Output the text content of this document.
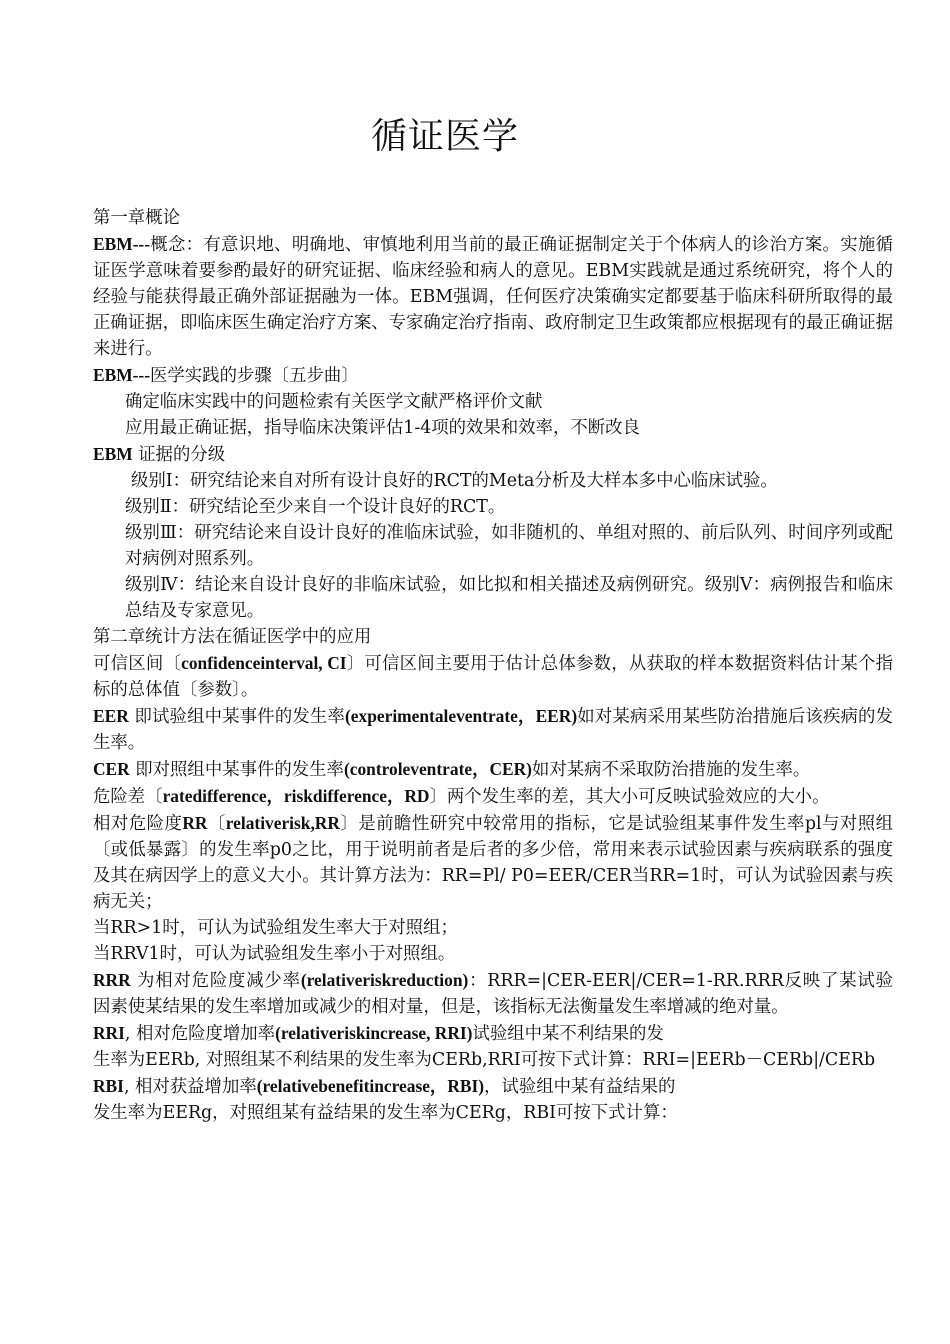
循证医学

第一章概论

EBM---概念：有意识地、明确地、审慎地利用当前的最正确证据制定关于个体病人的诊治方案。实施循证医学意味着要参酌最好的研究证据、临床经验和病人的意见。EBM实践就是通过系统研究，将个人的经验与能获得最正确外部证据融为一体。EBM强调，任何医疗决策确实定都要基于临床科研所取得的最正确证据，即临床医生确定治疗方案、专家确定治疗指南、政府制定卫生政策都应根据现有的最正确证据来进行。

EBM---医学实践的步骤〔五步曲〕

确定临床实践中的问题检索有关医学文献严格评价文献

应用最正确证据，指导临床决策评估1-4项的效果和效率，不断改良

EBM 证据的分级

级别Ⅰ：研究结论来自对所有设计良好的RCT的Meta分析及大样本多中心临床试验。

级别Ⅱ：研究结论至少来自一个设计良好的RCT。

级别Ⅲ：研究结论来自设计良好的准临床试验，如非随机的、单组对照的、前后队列、时间序列或配对病例对照系列。

级别Ⅳ：结论来自设计良好的非临床试验，如比拟和相关描述及病例研究。级别Ⅴ：病例报告和临床总结及专家意见。

第二章统计方法在循证医学中的应用

可信区间〔confidenceinterval, CI〕可信区间主要用于估计总体参数，从获取的样本数据资料估计某个指标的总体值〔参数〕。

EER 即试验组中某事件的发生率(experimentaleventrate，EER)如对某病采用某些防治措施后该疾病的发生率。

CER 即对照组中某事件的发生率(controleventrate，CER)如对某病不采取防治措施的发生率。

危险差〔ratedifference，riskdifference，RD〕两个发生率的差，其大小可反映试验效应的大小。

相对危险度RR〔relativerisk,RR〕是前瞻性研究中较常用的指标，它是试验组某事件发生率pl与对照组〔或低暴露〕的发生率p0之比，用于说明前者是后者的多少倍，常用来表示试验因素与疾病联系的强度及其在病因学上的意义大小。其计算方法为：RR=Pl/ P0=EER/CER当RR=1时，可认为试验因素与疾病无关；

当RR>1时，可认为试验组发生率大于对照组；

当RRV1时，可认为试验组发生率小于对照组。

RRR 为相对危险度减少率(relativeriskreduction)：RRR=|CER-EER|/CER=1-RR.RRR反映了某试验因素使某结果的发生率增加或减少的相对量，但是，该指标无法衡量发生率增减的绝对量。

RRI, 相对危险度增加率(relativeriskincrease, RRI)试验组中某不利结果的发

生率为EERb, 对照组某不利结果的发生率为CERb,RRI可按下式计算：RRI=|EERb－CERb|/CERb

RBI, 相对获益增加率(relativebenefitincrease，RBI)，试验组中某有益结果的

发生率为EERg，对照组某有益结果的发生率为CERg，RBI可按下式计算：
